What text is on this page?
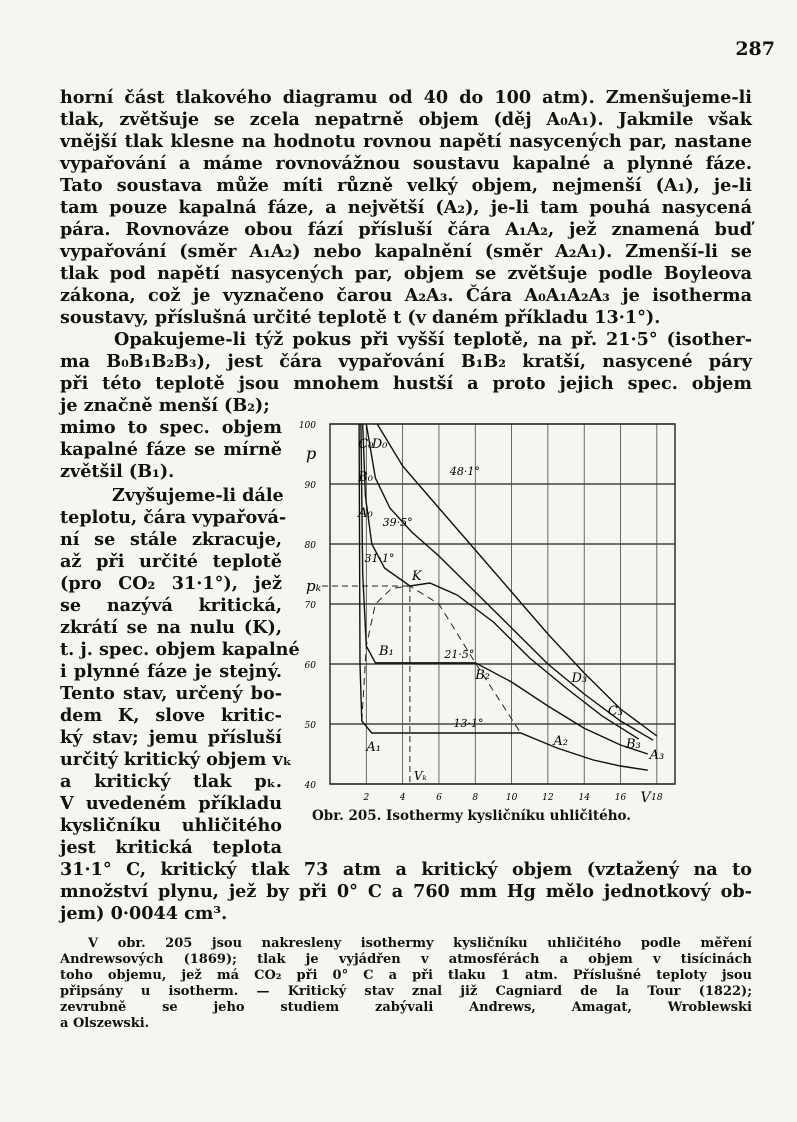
287
horní část tlakového diagramu od 40 do 100 atm). Zmenšujeme-li
tlak, zvětšuje se zcela nepatrně objem (děj A₀A₁). Jakmile však
vnější tlak klesne na hodnotu rovnou napětí nasycených par, nastane
vypařování a máme rovnovážnou soustavu kapalné a plynné fáze.
Tato soustava může míti různě velký objem, nejmenší (A₁), je-li
tam pouze kapalná fáze, a největší (A₂), je-li tam pouhá nasycená
pára. Rovnováze obou fází přísluší čára A₁A₂, jež znamená buď
vypařování (směr A₁A₂) nebo kapalnění (směr A₂A₁). Zmenší-li se
tlak pod napětí nasycených par, objem se zvětšuje podle Boyleova
zákona, což je vyznačeno čarou A₂A₃. Čára A₀A₁A₂A₃ je isotherma
soustavy, příslušná určité teplotě t (v daném příkladu 13·1°).
Opakujeme-li týž pokus při vyšší teplotě, na př. 21·5° (isother-
ma B₀B₁B₂B₃), jest čára vypařování B₁B₂ kratší, nasycené páry
při této teplotě jsou mnohem hustší a proto jejich spec. objem
je značně menší (B₂);
mimo to spec. objem
kapalné fáze se mírně
zvětšil (B₁).
Zvyšujeme-li dále
teplotu, čára vypařová-
ní se stále zkracuje,
až při určité teplotě
(pro CO₂ 31·1°), jež
se nazývá kritická,
zkrátí se na nulu (K),
t. j. spec. objem kapalné
i plynné fáze je stejný.
Tento stav, určený bo-
dem K, slove kritic-
ký stav; jemu přísluší
určitý kritický objem vₖ
a kritický tlak pₖ.
V uvedeném příkladu
kysličníku uhličitého
jest kritická teplota
31·1° C, kritický tlak 73 atm a kritický objem (vztažený na to
množství plynu, jež by při 0° C a 760 mm Hg mělo jednotkový ob-
jem) 0·0044 cm³.
V obr. 205 jsou nakresleny isothermy kysličníku uhličitého podle měření
Andrewsových (1869); tlak je vyjádřen v atmosférách a objem v tisícinách
toho objemu, jež má CO₂ při 0° C a při tlaku 1 atm. Příslušné teploty jsou
připsány u isotherm. — Kritický stav znal již Cagniard de la Tour (1822);
zevrubně se jeho studiem zabývali Andrews, Amagat, Wroblewski
a Olszewski.
40
50
60
70
80
90
100
2	4	6	8	10	12	14	16	18
p
V
pₖ
Vₖ
K
13·1°
21·5°
31·1°
39·5°
48·1°
C₀
D₀
B₀
A₀
A₁
B₁
B₂	D₃
C₃
A₂	B₃
A₃
Obr. 205. Isothermy kysličníku uhličitého.
